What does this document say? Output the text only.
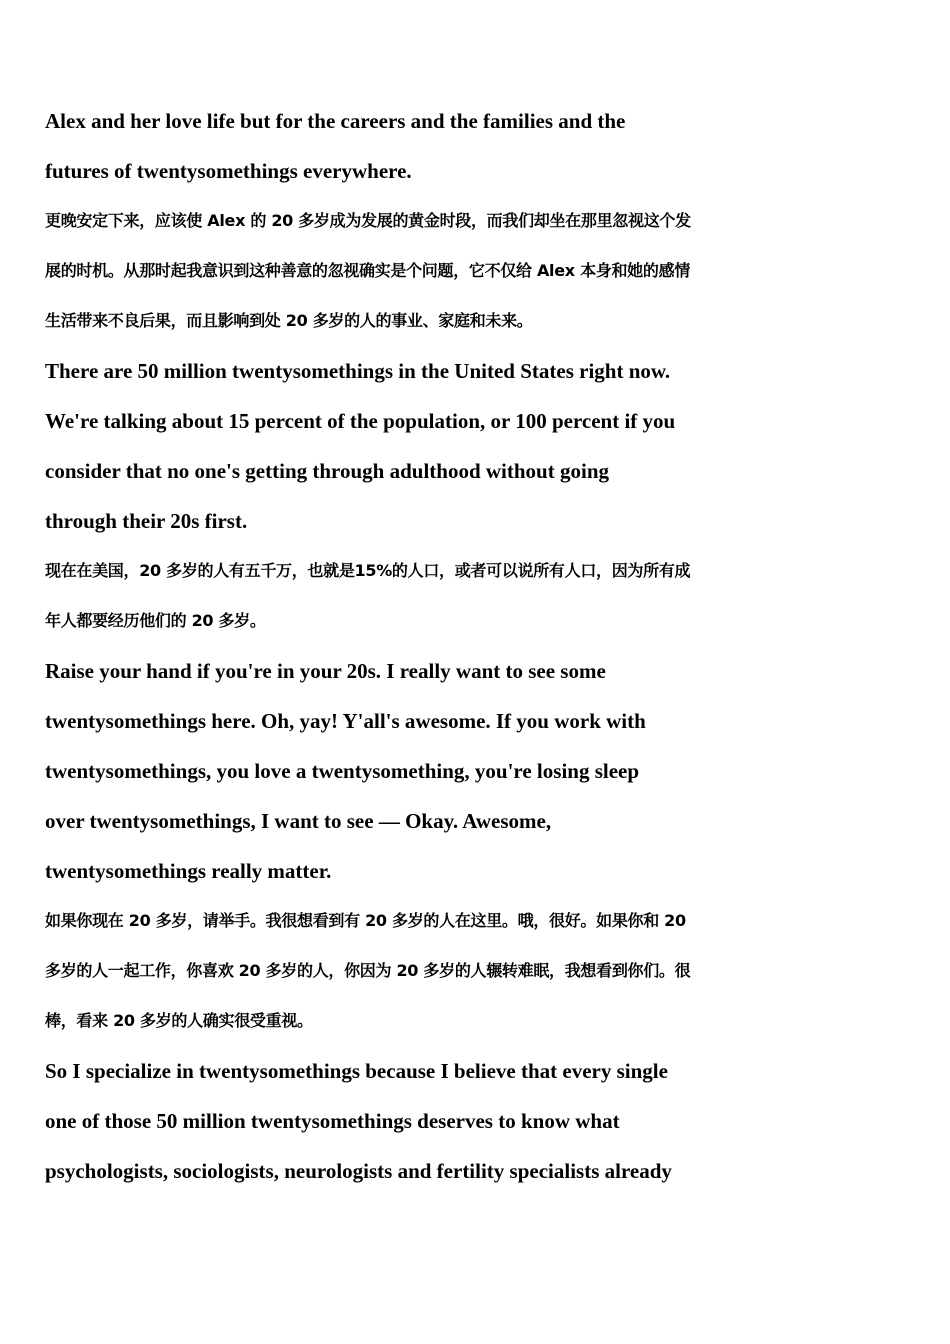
Alex and her love life but for the careers and the families and the
futures of twentysomethings everywhere.
更晚安定下来，应该使 Alex 的 20 多岁成为发展的黄金时段，而我们却坐在那里忽视这个发
展的时机。从那时起我意识到这种善意的忽视确实是个问题，它不仅给 Alex 本身和她的感情
生活带来不良后果，而且影响到处 20 多岁的人的事业、家庭和未来。
There are 50 million twentysomethings in the United States right now.
We're talking about 15 percent of the population, or 100 percent if you
consider that no one's getting through adulthood without going
through their 20s first.
现在在美国，20 多岁的人有五千万，也就是15%的人口，或者可以说所有人口，因为所有成
年人都要经历他们的 20 多岁。
Raise your hand if you're in your 20s. I really want to see some
twentysomethings here. Oh, yay! Y'all's awesome. If you work with
twentysomethings, you love a twentysomething, you're losing sleep
over twentysomethings, I want to see — Okay. Awesome,
twentysomethings really matter.
如果你现在 20 多岁，请举手。我很想看到有 20 多岁的人在这里。哦，很好。如果你和 20
多岁的人一起工作，你喜欢 20 多岁的人，你因为 20 多岁的人辗转难眠，我想看到你们。很
棒，看来 20 多岁的人确实很受重视。
So I specialize in twentysomethings because I believe that every single
one of those 50 million twentysomethings deserves to know what
psychologists, sociologists, neurologists and fertility specialists already
